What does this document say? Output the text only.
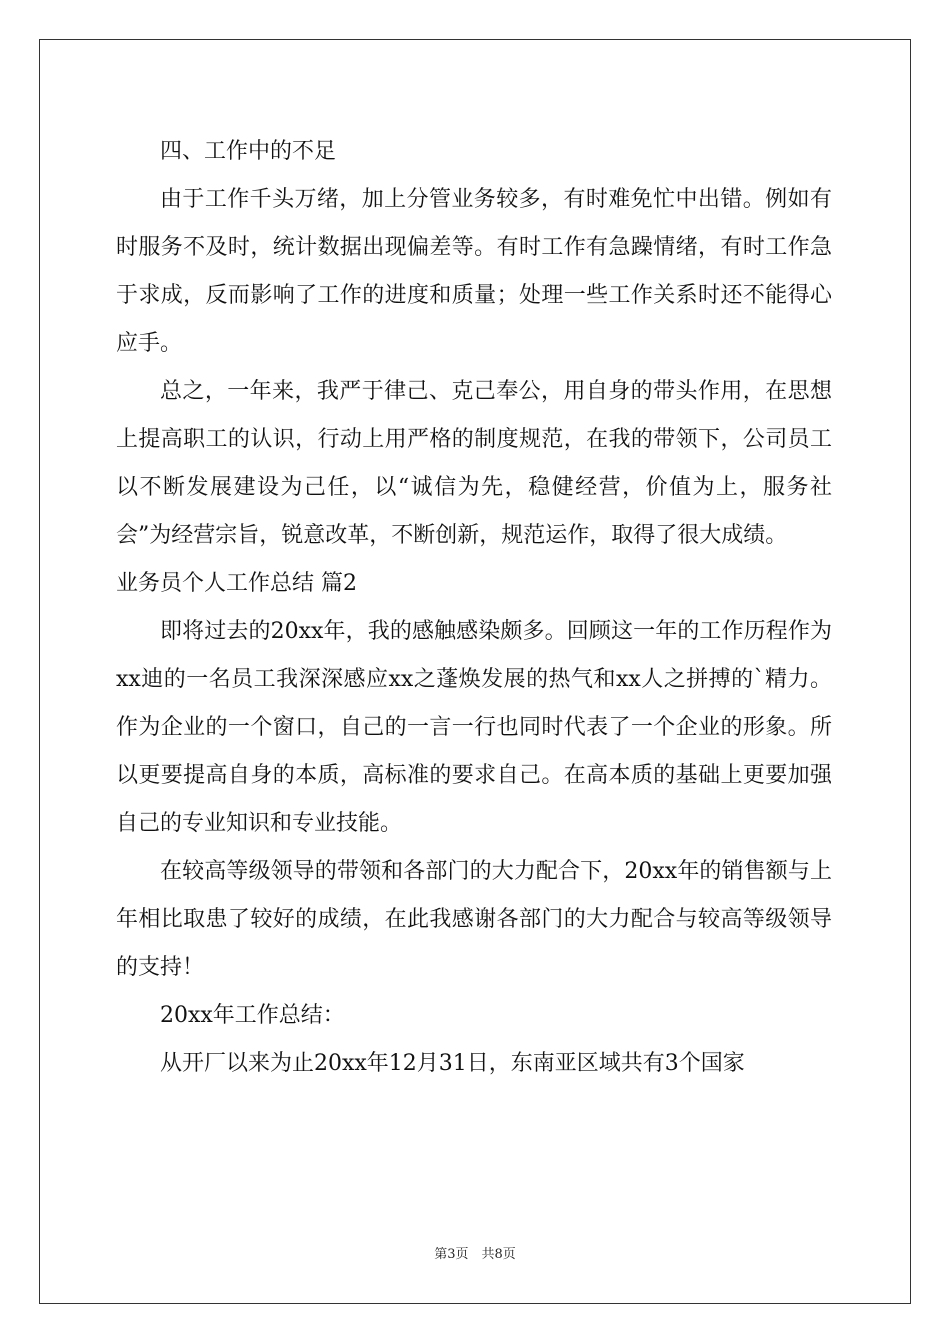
四、工作中的不足

由于工作千头万绪，加上分管业务较多，有时难免忙中出错。例如有时服务不及时，统计数据出现偏差等。有时工作有急躁情绪，有时工作急于求成，反而影响了工作的进度和质量；处理一些工作关系时还不能得心应手。

总之，一年来，我严于律己、克己奉公，用自身的带头作用，在思想上提高职工的认识，行动上用严格的制度规范，在我的带领下，公司员工以不断发展建设为己任，以“诚信为先，稳健经营，价值为上，服务社会”为经营宗旨，锐意改革，不断创新，规范运作，取得了很大成绩。

业务员个人工作总结 篇2

即将过去的20xx年，我的感触感染颇多。回顾这一年的工作历程作为xx迪的一名员工我深深感应xx之蓬焕发展的热气和xx人之拼搏的`精力。作为企业的一个窗口，自己的一言一行也同时代表了一个企业的形象。所以更要提高自身的本质，高标准的要求自己。在高本质的基础上更要加强自己的专业知识和专业技能。

在较高等级领导的带领和各部门的大力配合下，20xx年的销售额与上年相比取患了较好的成绩，在此我感谢各部门的大力配合与较高等级领导的支持！

20xx年工作总结：

从开厂以来为止20xx年12月31日，东南亚区域共有3个国家

第3页　共8页
